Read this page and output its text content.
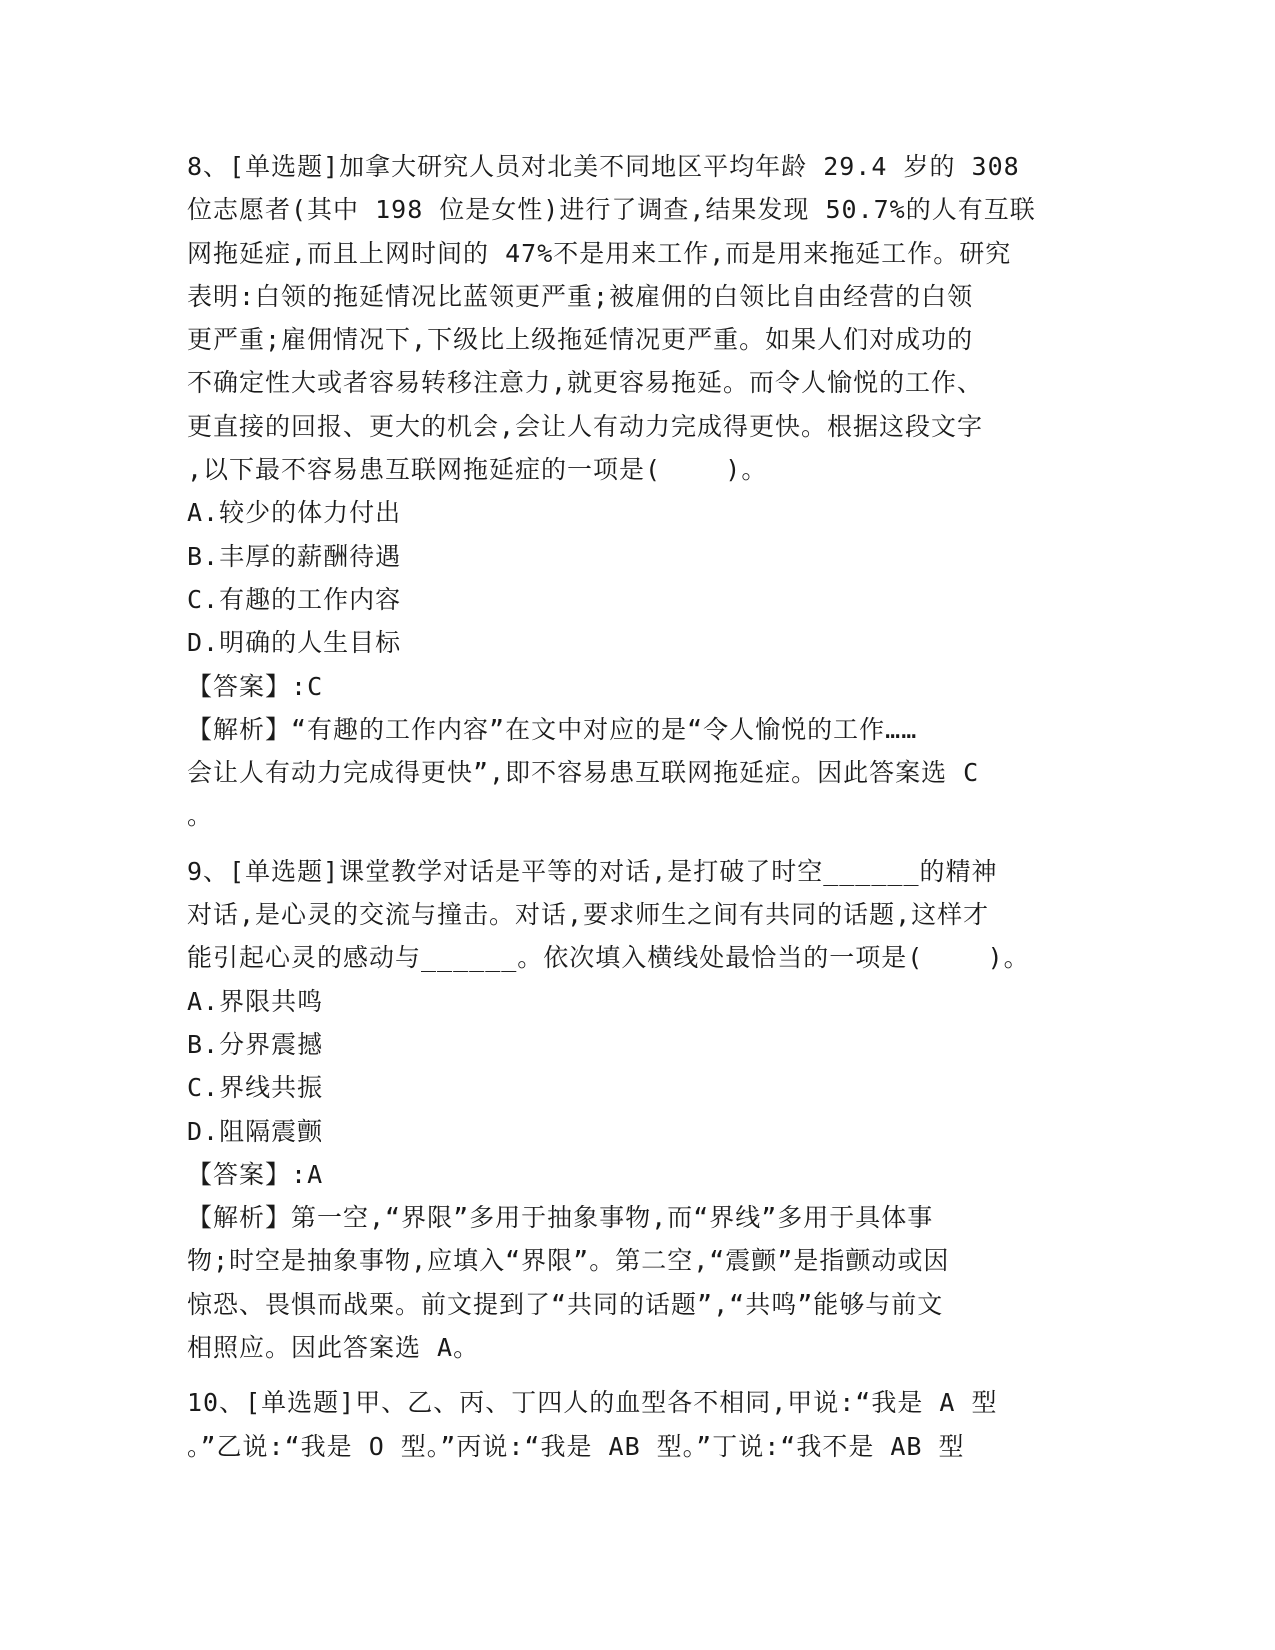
8、[单选题]加拿大研究人员对北美不同地区平均年龄 29.4 岁的 308
位志愿者(其中 198 位是女性)进行了调查,结果发现 50.7%的人有互联
网拖延症,而且上网时间的 47%不是用来工作,而是用来拖延工作。研究
表明:白领的拖延情况比蓝领更严重;被雇佣的白领比自由经营的白领
更严重;雇佣情况下,下级比上级拖延情况更严重。如果人们对成功的
不确定性大或者容易转移注意力,就更容易拖延。而令人愉悦的工作、
更直接的回报、更大的机会,会让人有动力完成得更快。根据这段文字
,以下最不容易患互联网拖延症的一项是(    )。
A.较少的体力付出
B.丰厚的薪酬待遇
C.有趣的工作内容
D.明确的人生目标
【答案】:C
【解析】“有趣的工作内容”在文中对应的是“令人愉悦的工作……
会让人有动力完成得更快”,即不容易患互联网拖延症。因此答案选 C
。
9、[单选题]课堂教学对话是平等的对话,是打破了时空______的精神
对话,是心灵的交流与撞击。对话,要求师生之间有共同的话题,这样才
能引起心灵的感动与______。依次填入横线处最恰当的一项是(    )。
A.界限共鸣
B.分界震撼
C.界线共振
D.阻隔震颤
【答案】:A
【解析】第一空,“界限”多用于抽象事物,而“界线”多用于具体事
物;时空是抽象事物,应填入“界限”。第二空,“震颤”是指颤动或因
惊恐、畏惧而战栗。前文提到了“共同的话题”,“共鸣”能够与前文
相照应。因此答案选 A。
10、[单选题]甲、乙、丙、丁四人的血型各不相同,甲说:“我是 A 型
。”乙说:“我是 O 型。”丙说:“我是 AB 型。”丁说:“我不是 AB 型
